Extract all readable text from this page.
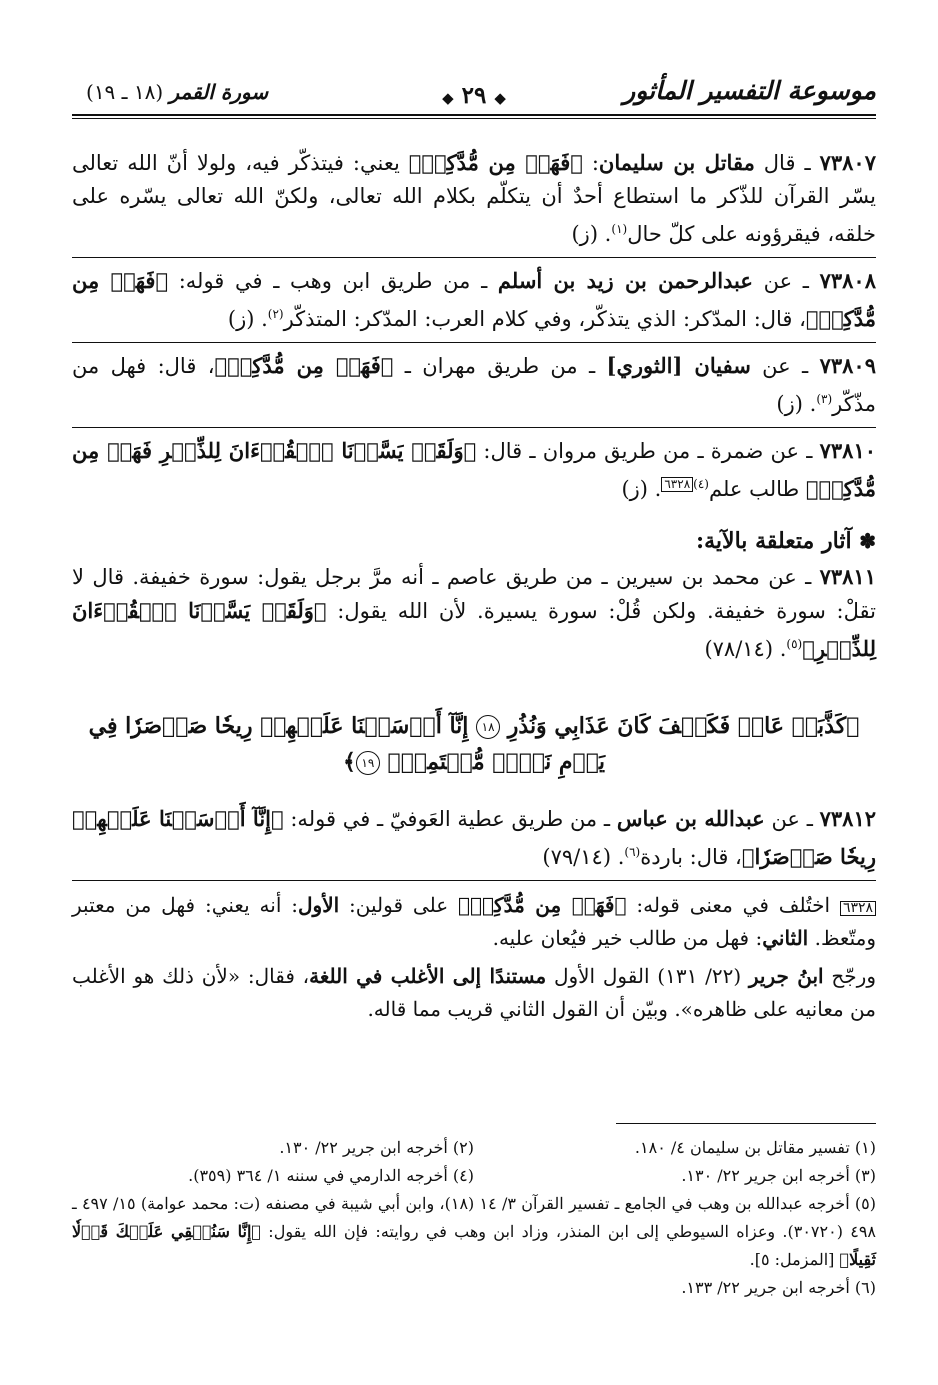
موسوعة التفسير المأثور
◆ ٢٩ ◆
سورة القمر (١٨ ـ ١٩)

٧٣٨٠٧ ـ قال مقاتل بن سليمان: ﴿فَهَلۡ مِن مُّدَّكِرٖ﴾ يعني: فيتذكّر فيه، ولولا أنّ الله تعالى يسّر القرآن للذّكر ما استطاع أحدٌ أن يتكلّم بكلام الله تعالى، ولكنّ الله تعالى يسّره على خلقه، فيقرؤونه على كلّ حال$^{(١)}$. (ز)

٧٣٨٠٨ ـ عن عبدالرحمن بن زيد بن أسلم ـ من طريق ابن وهب ـ في قوله: ﴿فَهَلۡ مِن مُّدَّكِرٖ﴾، قال: المدّكر: الذي يتذكّر، وفي كلام العرب: المدّكر: المتذكّر$^{(٢)}$. (ز)

٧٣٨٠٩ ـ عن سفيان [الثوري] ـ من طريق مهران ـ ﴿فَهَلۡ مِن مُّدَّكِرٖ﴾، قال: فهل من مذّكّر$^{(٣)}$. (ز)

٧٣٨١٠ ـ عن ضمرة ـ من طريق مروان ـ قال: ﴿وَلَقَدۡ يَسَّرۡنَا ٱلۡقُرۡءَانَ لِلذِّكۡرِ فَهَلۡ مِن مُّدَّكِرٖ﴾ طالب علم$^{(٤)}$٦٣٢٨. (ز)

✽ آثار متعلقة بالآية:

٧٣٨١١ ـ عن محمد بن سيرين ـ من طريق عاصم ـ أنه مرَّ برجل يقول: سورة خفيفة. قال لا تقلْ: سورة خفيفة. ولكن قُلْ: سورة يسيرة. لأن الله يقول: ﴿وَلَقَدۡ يَسَّرۡنَا ٱلۡقُرۡءَانَ لِلذِّكۡرِ﴾$^{(٥)}$. (٧٨/١٤)

﴿كَذَّبَتۡ عَادٞ فَكَيۡفَ كَانَ عَذَابِي وَنُذُرِ ١٨ إِنَّآ أَرۡسَلۡنَا عَلَيۡهِمۡ رِيحٗا صَرۡصَرٗا فِي يَوۡمِ نَحۡسٖ مُّسۡتَمِرّٖ ١٩﴾

٧٣٨١٢ ـ عن عبدالله بن عباس ـ من طريق عطية العَوفيّ ـ في قوله: ﴿إِنَّآ أَرۡسَلۡنَا عَلَيۡهِمۡ رِيحٗا صَرۡصَرٗا﴾، قال: باردة$^{(٦)}$. (٧٩/١٤)

٦٣٢٨ اختُلف في معنى قوله: ﴿فَهَلۡ مِن مُّدَّكِرٖ﴾ على قولين: الأول: أنه يعني: فهل من معتبر ومتّعظ. الثاني: فهل من طالب خير فيُعان عليه.

ورجّح ابنُ جرير (٢٢/ ١٣١) القول الأول مستندًا إلى الأغلب في اللغة، فقال: «لأن ذلك هو الأغلب من معانيه على ظاهره». وبيّن أن القول الثاني قريب مما قاله.

(١) تفسير مقاتل بن سليمان ٤/ ١٨٠.
(٢) أخرجه ابن جرير ٢٢/ ١٣٠.
(٣) أخرجه ابن جرير ٢٢/ ١٣٠.
(٤) أخرجه الدارمي في سننه ١/ ٣٦٤ (٣٥٩).
(٥) أخرجه عبدالله بن وهب في الجامع ـ تفسير القرآن ٣/ ١٤ (١٨)، وابن أبي شيبة في مصنفه (ت: محمد عوامة) ١٥/ ٤٩٧ ـ ٤٩٨ (٣٠٧٢٠). وعزاه السيوطي إلى ابن المنذر، وزاد ابن وهب في روايته: فإن الله يقول: ﴿إِنَّا سَنُلۡقِي عَلَيۡكَ قَوۡلٗا ثَقِيلًا﴾ [المزمل: ٥].
(٦) أخرجه ابن جرير ٢٢/ ١٣٣.
